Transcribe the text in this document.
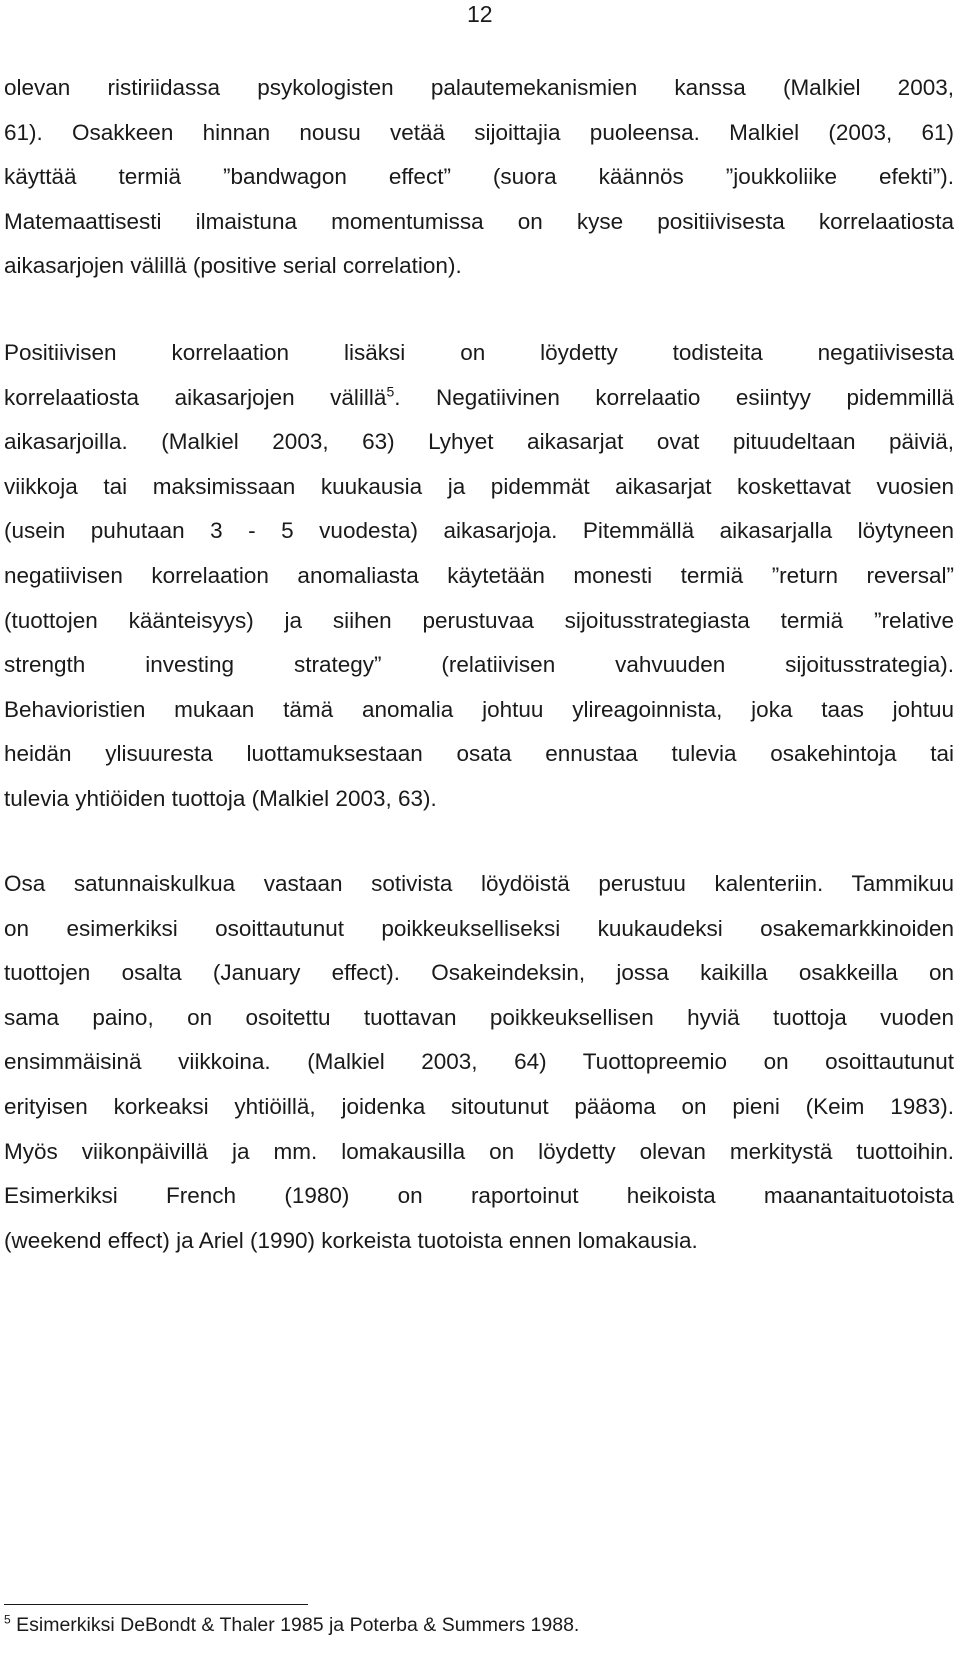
12

olevan ristiriidassa psykologisten palautemekanismien kanssa (Malkiel 2003,
61). Osakkeen hinnan nousu vetää sijoittajia puoleensa. Malkiel (2003, 61)
käyttää termiä ”bandwagon effect” (suora käännös ”joukkoliike efekti”).
Matemaattisesti ilmaistuna momentumissa on kyse positiivisesta korrelaatiosta
aikasarjojen välillä (positive serial correlation).

Positiivisen korrelaation lisäksi on löydetty todisteita negatiivisesta
korrelaatiosta aikasarjojen välillä$^5$. Negatiivinen korrelaatio esiintyy pidemmillä
aikasarjoilla. (Malkiel 2003, 63) Lyhyet aikasarjat ovat pituudeltaan päiviä,
viikkoja tai maksimissaan kuukausia ja pidemmät aikasarjat koskettavat vuosien
(usein puhutaan 3 - 5 vuodesta) aikasarjoja. Pitemmällä aikasarjalla löytyneen
negatiivisen korrelaation anomaliasta käytetään monesti termiä ”return reversal”
(tuottojen käänteisyys) ja siihen perustuvaa sijoitusstrategiasta termiä ”relative
strength investing strategy” (relatiivisen vahvuuden sijoitusstrategia).
Behavioristien mukaan tämä anomalia johtuu ylireagoinnista, joka taas johtuu
heidän ylisuuresta luottamuksestaan osata ennustaa tulevia osakehintoja tai
tulevia yhtiöiden tuottoja (Malkiel 2003, 63).

Osa satunnaiskulkua vastaan sotivista löydöistä perustuu kalenteriin. Tammikuu
on esimerkiksi osoittautunut poikkeukselliseksi kuukaudeksi osakemarkkinoiden
tuottojen osalta (January effect). Osakeindeksin, jossa kaikilla osakkeilla on
sama paino, on osoitettu tuottavan poikkeuksellisen hyviä tuottoja vuoden
ensimmäisinä viikkoina. (Malkiel 2003, 64) Tuottopreemio on osoittautunut
erityisen korkeaksi yhtiöillä, joidenka sitoutunut pääoma on pieni (Keim 1983).
Myös viikonpäivillä ja mm. lomakausilla on löydetty olevan merkitystä tuottoihin.
Esimerkiksi French (1980) on raportoinut heikoista maanantaituotoista
(weekend effect) ja Ariel (1990) korkeista tuotoista ennen lomakausia.

$^5$ Esimerkiksi DeBondt & Thaler 1985 ja Poterba & Summers 1988.
